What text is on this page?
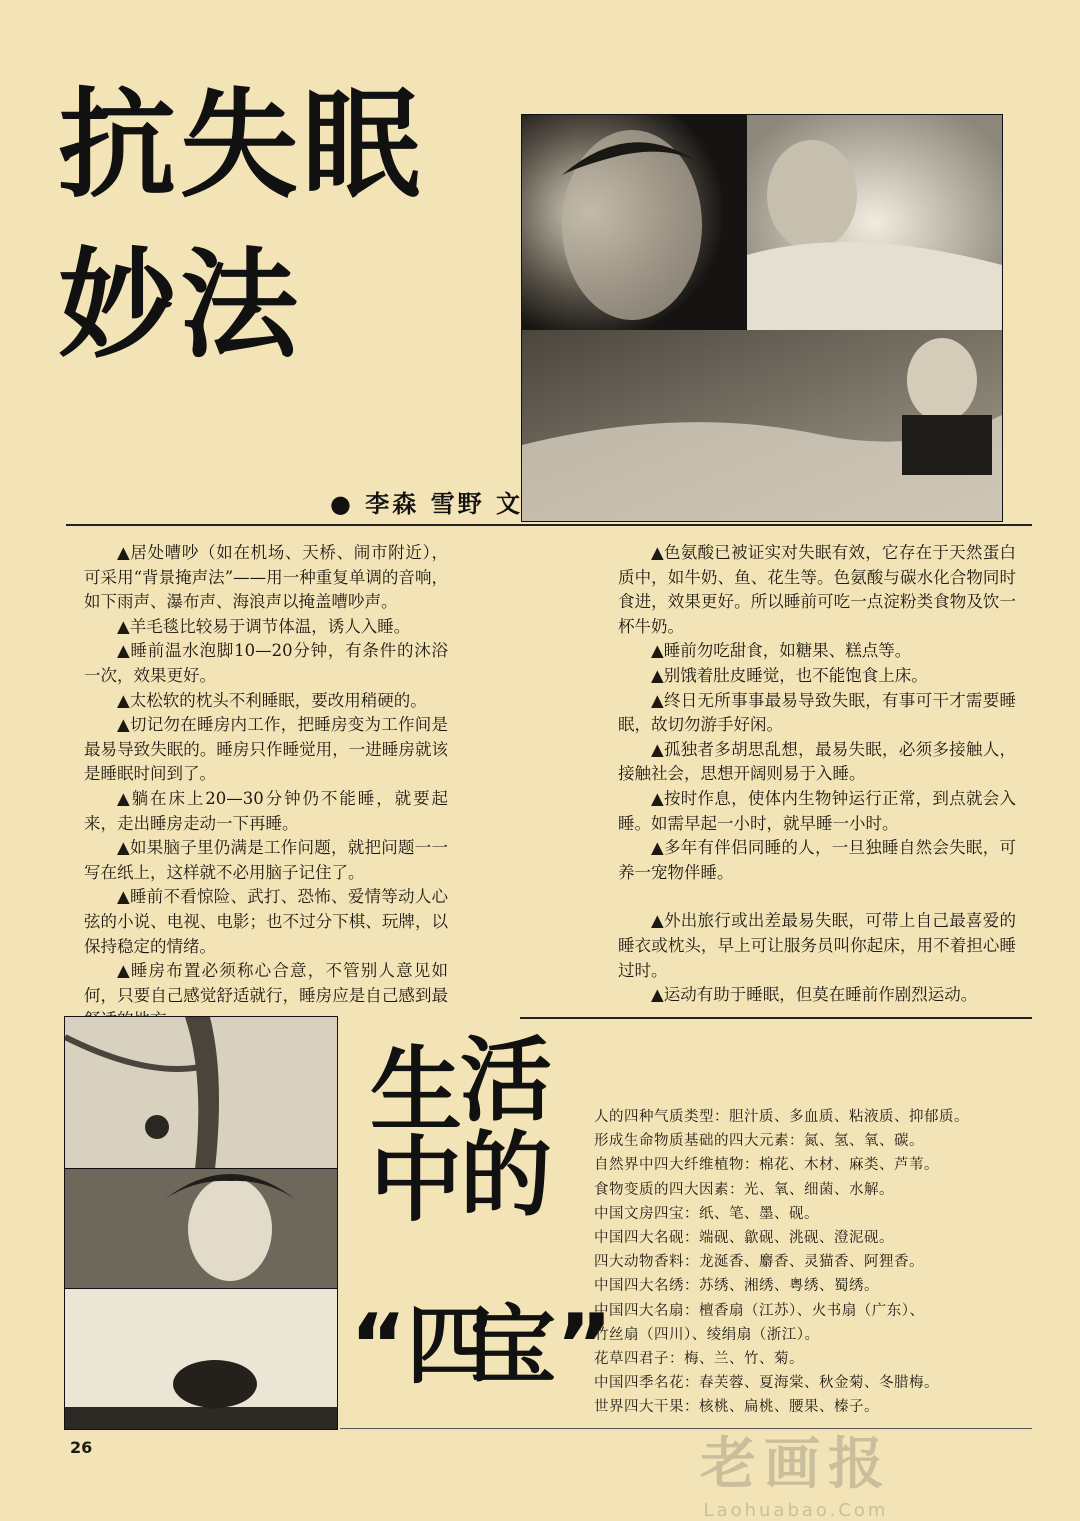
抗失眠
妙法
● 李森 雪野 文

▲居处嘈吵（如在机场、天桥、闹市附近），可采用“背景掩声法”——用一种重复单调的音响，如下雨声、瀑布声、海浪声以掩盖嘈吵声。

▲羊毛毯比较易于调节体温，诱人入睡。

▲睡前温水泡脚10—20分钟，有条件的沐浴一次，效果更好。

▲太松软的枕头不利睡眠，要改用稍硬的。

▲切记勿在睡房内工作，把睡房变为工作间是最易导致失眠的。睡房只作睡觉用，一进睡房就该是睡眠时间到了。

▲躺在床上20—30分钟仍不能睡，就要起来，走出睡房走动一下再睡。

▲如果脑子里仍满是工作问题，就把问题一一写在纸上，这样就不必用脑子记住了。

▲睡前不看惊险、武打、恐怖、爱情等动人心弦的小说、电视、电影；也不过分下棋、玩牌，以保持稳定的情绪。

▲睡房布置必须称心合意，不管别人意见如何，只要自己感觉舒适就行，睡房应是自己感到最

▲色氨酸已被证实对失眠有效，它存在于天然蛋白质中，如牛奶、鱼、花生等。色氨酸与碳水化合物同时食进，效果更好。所以睡前可吃一点淀粉类食物及饮一杯牛奶。

▲睡前勿吃甜食，如糖果、糕点等。

▲别饿着肚皮睡觉，也不能饱食上床。

▲终日无所事事最易导致失眠，有事可干才需要睡眠，故切勿游手好闲。

▲孤独者多胡思乱想，最易失眠，必须多接触人，接触社会，思想开阔则易于入睡。

▲按时作息，使体内生物钟运行正常，到点就会入睡。如需早起一小时，就早睡一小时。

▲多年有伴侣同睡的人，一旦独睡自然会失眠，可养一宠物伴睡。

▲外出旅行或出差最易失眠，可带上自己最喜爱的睡衣或枕头，早上可让服务员叫你起床，用不着担心睡过时。

▲运动有助于睡眠，但莫在睡前作剧烈运动。

生
活
中
的
“四
宝”
人的四种气质类型：胆汁质、多血质、粘液质、抑郁质。
形成生命物质基础的四大元素：氮、氢、氧、碳。
自然界中四大纤维植物：棉花、木材、麻类、芦苇。
食物变质的四大因素：光、氧、细菌、水解。
中国文房四宝：纸、笔、墨、砚。
中国四大名砚：端砚、歙砚、洮砚、澄泥砚。
四大动物香料：龙涎香、麝香、灵猫香、阿狸香。
中国四大名绣：苏绣、湘绣、粤绣、蜀绣。
中国四大名扇：檀香扇（江苏）、火书扇（广东）、
竹丝扇（四川）、绫绢扇（浙江）。
花草四君子：梅、兰、竹、菊。
中国四季名花：春芙蓉、夏海棠、秋金菊、冬腊梅。
世界四大干果：核桃、扁桃、腰果、榛子。
26	老画报
Laohuabao.Com
